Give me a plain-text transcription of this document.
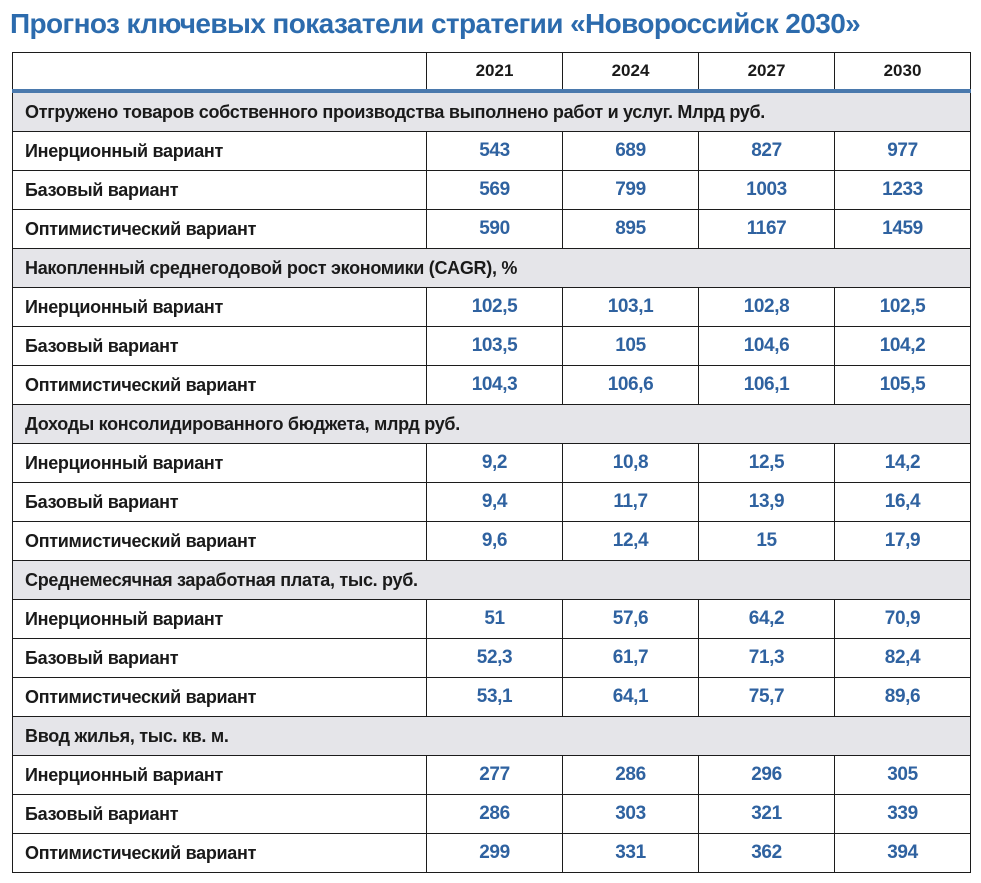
Прогноз ключевых показатели стратегии «Новороссийск 2030»
	2021	2024	2027	2030
Отгружено товаров собственного производства выполнено работ и услуг. Млрд руб.				
Инерционный вариант	543	689	827	977
Базовый вариант	569	799	1003	1233
Оптимистический вариант	590	895	1167	1459
Накопленный среднегодовой рост экономики (CAGR), %				
Инерционный вариант	102,5	103,1	102,8	102,5
Базовый вариант	103,5	105	104,6	104,2
Оптимистический вариант	104,3	106,6	106,1	105,5
Доходы консолидированного бюджета, млрд руб.				
Инерционный вариант	9,2	10,8	12,5	14,2
Базовый вариант	9,4	11,7	13,9	16,4
Оптимистический вариант	9,6	12,4	15	17,9
Среднемесячная заработная плата, тыс. руб.				
Инерционный вариант	51	57,6	64,2	70,9
Базовый вариант	52,3	61,7	71,3	82,4
Оптимистический вариант	53,1	64,1	75,7	89,6
Ввод жилья, тыс. кв. м.				
Инерционный вариант	277	286	296	305
Базовый вариант	286	303	321	339
Оптимистический вариант	299	331	362	394
